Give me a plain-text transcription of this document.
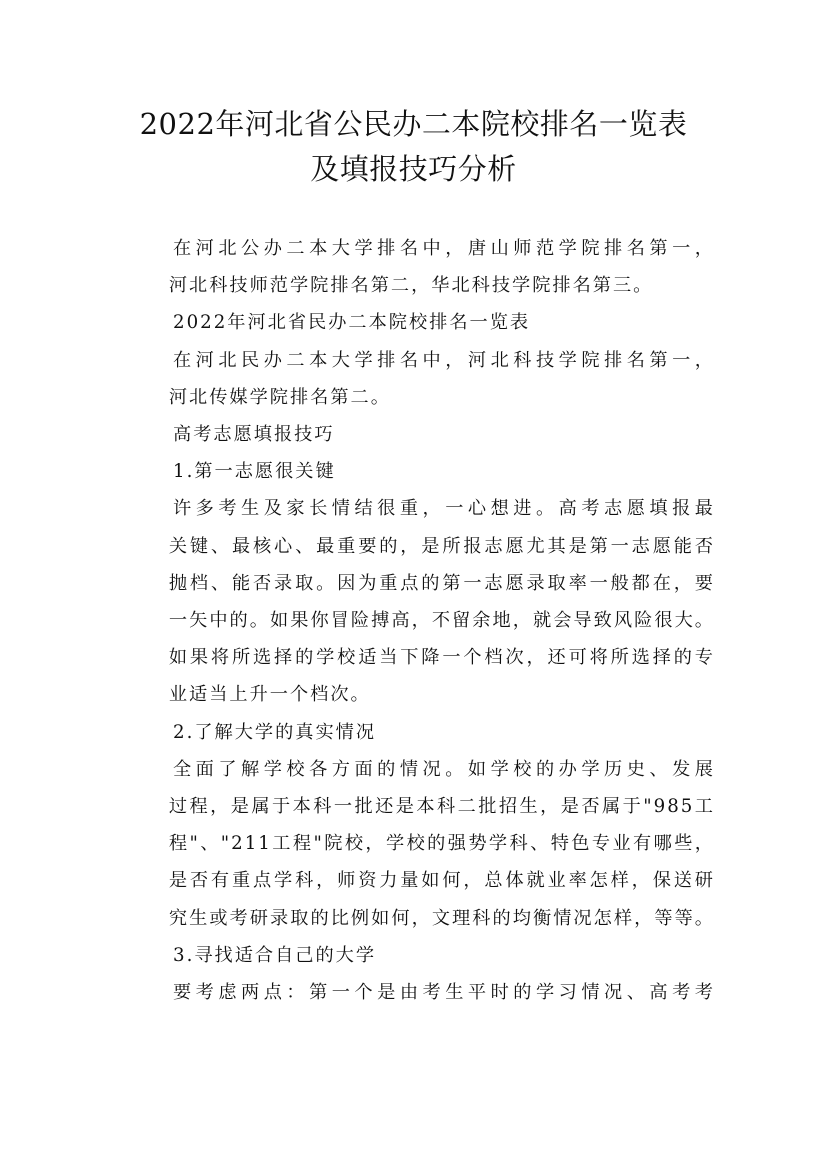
2022年河北省公民办二本院校排名一览表
及填报技巧分析

在河北公办二本大学排名中，唐山师范学院排名第一，
河北科技师范学院排名第二，华北科技学院排名第三。

2022年河北省民办二本院校排名一览表

在河北民办二本大学排名中，河北科技学院排名第一，
河北传媒学院排名第二。

高考志愿填报技巧
1.第一志愿很关键

许多考生及家长情结很重，一心想进。高考志愿填报最
关键、最核心、最重要的，是所报志愿尤其是第一志愿能否
抛档、能否录取。因为重点的第一志愿录取率一般都在，要
一矢中的。如果你冒险搏高，不留余地，就会导致风险很大。
如果将所选择的学校适当下降一个档次，还可将所选择的专
业适当上升一个档次。

2.了解大学的真实情况

全面了解学校各方面的情况。如学校的办学历史、发展
过程，是属于本科一批还是本科二批招生，是否属于"985工
程"、"211工程"院校，学校的强势学科、特色专业有哪些，
是否有重点学科，师资力量如何，总体就业率怎样，保送研
究生或考研录取的比例如何，文理科的均衡情况怎样，等等。

3.寻找适合自己的大学

要考虑两点：第一个是由考生平时的学习情况、高考考
